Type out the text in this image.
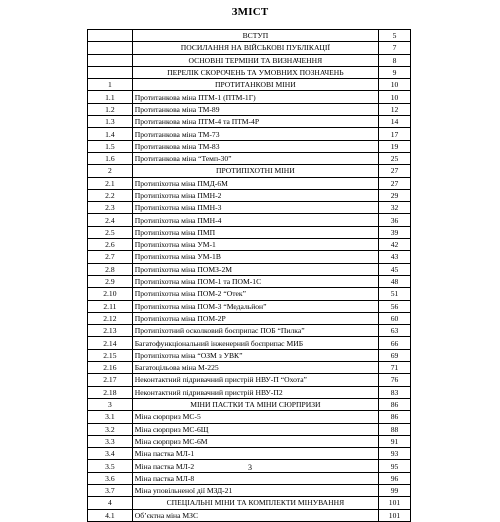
ЗМІСТ
	ВСТУП	5
	ПОСИЛАННЯ НА ВІЙСЬКОВІ ПУБЛІКАЦІЇ	7
	ОСНОВНІ ТЕРМІНИ ТА ВИЗНАЧЕННЯ	8
	ПЕРЕЛІК СКОРОЧЕНЬ ТА УМОВНИХ ПОЗНАЧЕНЬ	9
1	ПРОТИТАНКОВІ МІНИ	10
1.1	Протитанкова міна ПТМ-1 (ПТМ-1Г)	10
1.2	Протитанкова міна ТМ-89	12
1.3	Протитанкова міна ПТМ-4 та ПТМ-4Р	14
1.4	Протитанкова міна ТМ-73	17
1.5	Протитанкова міна ТМ-83	19
1.6	Протитанкова міна “Темп-30”	25
2	ПРОТИПІХОТНІ МІНИ	27
2.1	Протипіхотна міна ПМД-6М	27
2.2	Протипіхотна міна ПМН-2	29
2.3	Протипіхотна міна ПМН-3	32
2.4	Протипіхотна міна ПМН-4	36
2.5	Протипіхотна міна ПМП	39
2.6	Протипіхотна міна УМ-1	42
2.7	Протипіхотна міна УМ-1В	43
2.8	Протипіхотна міна ПОМЗ-2М	45
2.9	Протипіхотна міна ПОМ-1 та ПОМ-1С	48
2.10	Протипіхотна міна ПОМ-2 “Отек”	51
2.11	Протипіхотна міна ПОМ-3 “Медальйон”	56
2.12	Протипіхотна міна ПОМ-2Р	60
2.13	Протипіхотний осколковий боєприпас ПОБ “Пилка”	63
2.14	Багатофункціональний інженерний боєприпас МИБ	66
2.15	Протипіхотна міна “ОЗМ з УВК”	69
2.16	Багатоцільова міна М-225	71
2.17	Неконтактний підривачний пристрій НВУ-П “Охота”	76
2.18	Неконтактний підривачний пристрій НВУ-П2	83
3	МІНИ ПАСТКИ ТА МІНИ СЮРПРИЗИ	86
3.1	Міна сюрприз МС-5	86
3.2	Міна сюрприз МС-6Щ	88
3.3	Міна сюрприз МС-6М	91
3.4	Міна пастка МЛ-1	93
3.5	Міна пастка МЛ-2	95
3.6	Міна пастка МЛ-8	96
3.7	Міна уповільненої дії МЗД-21	99
4	СПЕЦІАЛЬНІ МІНИ ТА КОМПЛЕКТИ МІНУВАННЯ	101
4.1	Об’єктна міна МЗС	101
3
